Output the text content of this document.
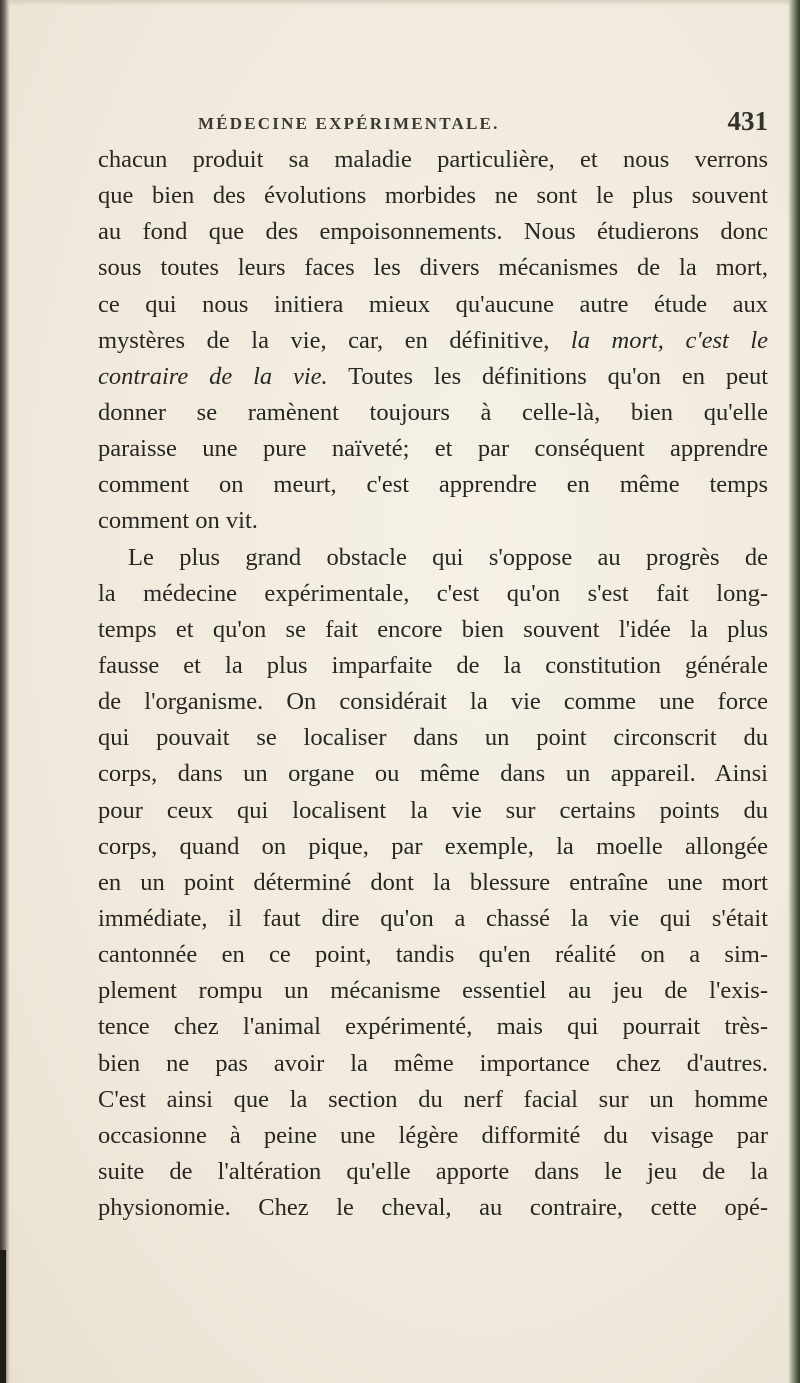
MÉDECINE EXPÉRIMENTALE.	431
chacun produit sa maladie particulière, et nous verrons
que bien des évolutions morbides ne sont le plus souvent
au fond que des empoisonnements. Nous étudierons donc
sous toutes leurs faces les divers mécanismes de la mort,
ce qui nous initiera mieux qu'aucune autre étude aux
mystères de la vie, car, en définitive, la mort, c'est le
contraire de la vie. Toutes les définitions qu'on en peut
donner se ramènent toujours à celle-là, bien qu'elle
paraisse une pure naïveté; et par conséquent apprendre
comment on meurt, c'est apprendre en même temps
comment on vit.
Le plus grand obstacle qui s'oppose au progrès de
la médecine expérimentale, c'est qu'on s'est fait long-
temps et qu'on se fait encore bien souvent l'idée la plus
fausse et la plus imparfaite de la constitution générale
de l'organisme. On considérait la vie comme une force
qui pouvait se localiser dans un point circonscrit du
corps, dans un organe ou même dans un appareil. Ainsi
pour ceux qui localisent la vie sur certains points du
corps, quand on pique, par exemple, la moelle allongée
en un point déterminé dont la blessure entraîne une mort
immédiate, il faut dire qu'on a chassé la vie qui s'était
cantonnée en ce point, tandis qu'en réalité on a sim-
plement rompu un mécanisme essentiel au jeu de l'exis-
tence chez l'animal expérimenté, mais qui pourrait très-
bien ne pas avoir la même importance chez d'autres.
C'est ainsi que la section du nerf facial sur un homme
occasionne à peine une légère difformité du visage par
suite de l'altération qu'elle apporte dans le jeu de la
physionomie. Chez le cheval, au contraire, cette opé-
